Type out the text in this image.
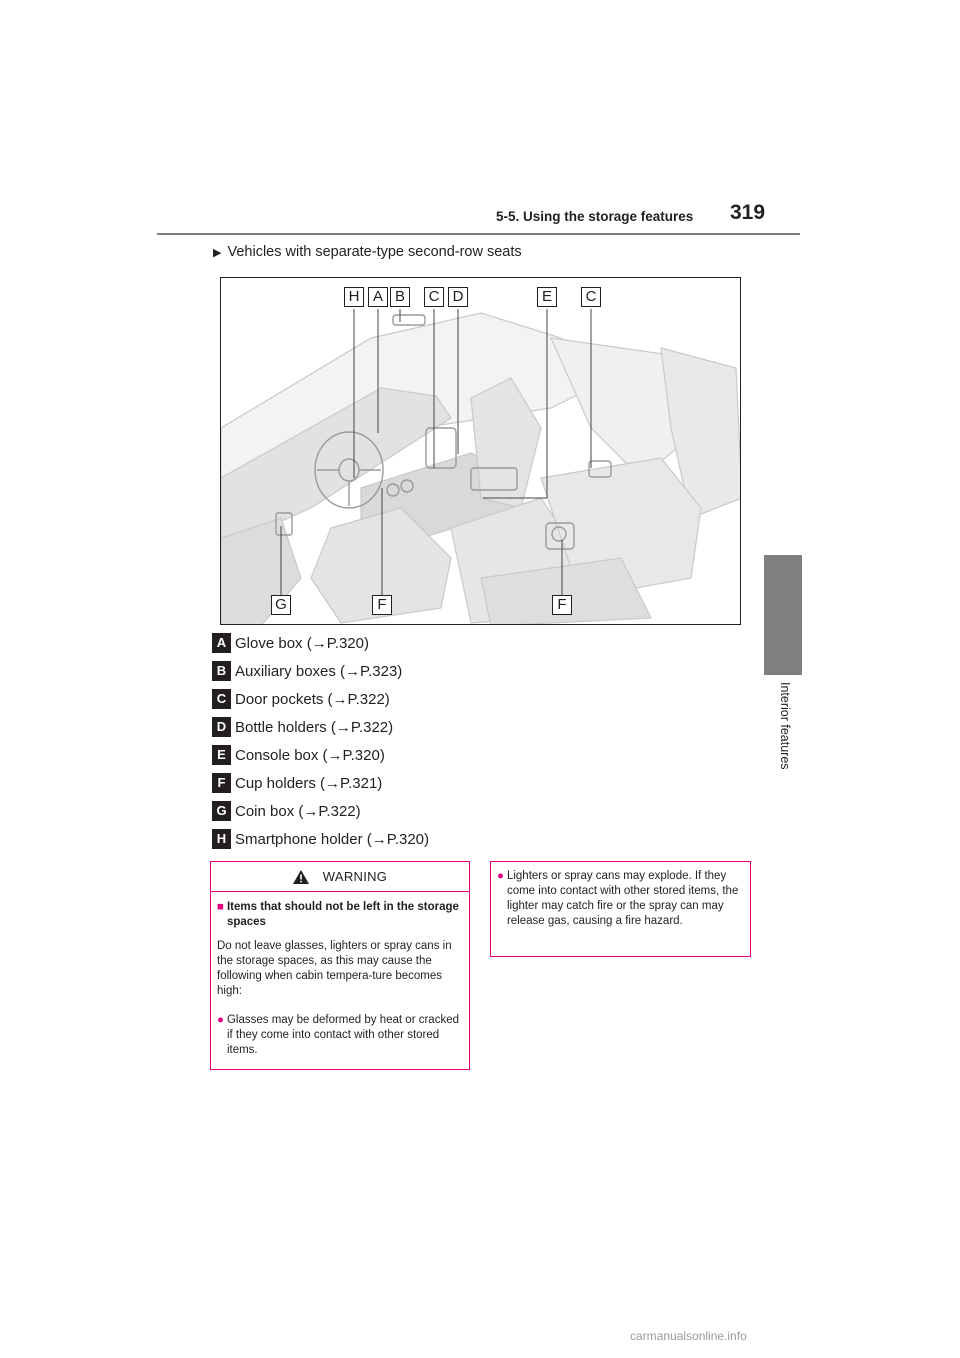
5-5. Using the storage features 319
5
Interior features
▶ Vehicles with separate-type second-row seats
H A B	C D	E	C
G	F	F
A Glove box (→P.320)
B Auxiliary boxes (→P.323)
C Door pockets (→P.322)
D Bottle holders (→P.322)
E Console box (→P.320)
F Cup holders (→P.321)
G Coin box (→P.322)
H Smartphone holder (→P.320)
WARNING
■ Items that should not be left in the storage spaces
Do not leave glasses, lighters or spray cans in the storage spaces, as this may cause the following when cabin tempera-ture becomes high:
● Glasses may be deformed by heat or cracked if they come into contact with other stored items.
● Lighters or spray cans may explode. If they come into contact with other stored items, the lighter may catch fire or the spray can may release gas, causing a fire hazard.
carmanualsonline.info
